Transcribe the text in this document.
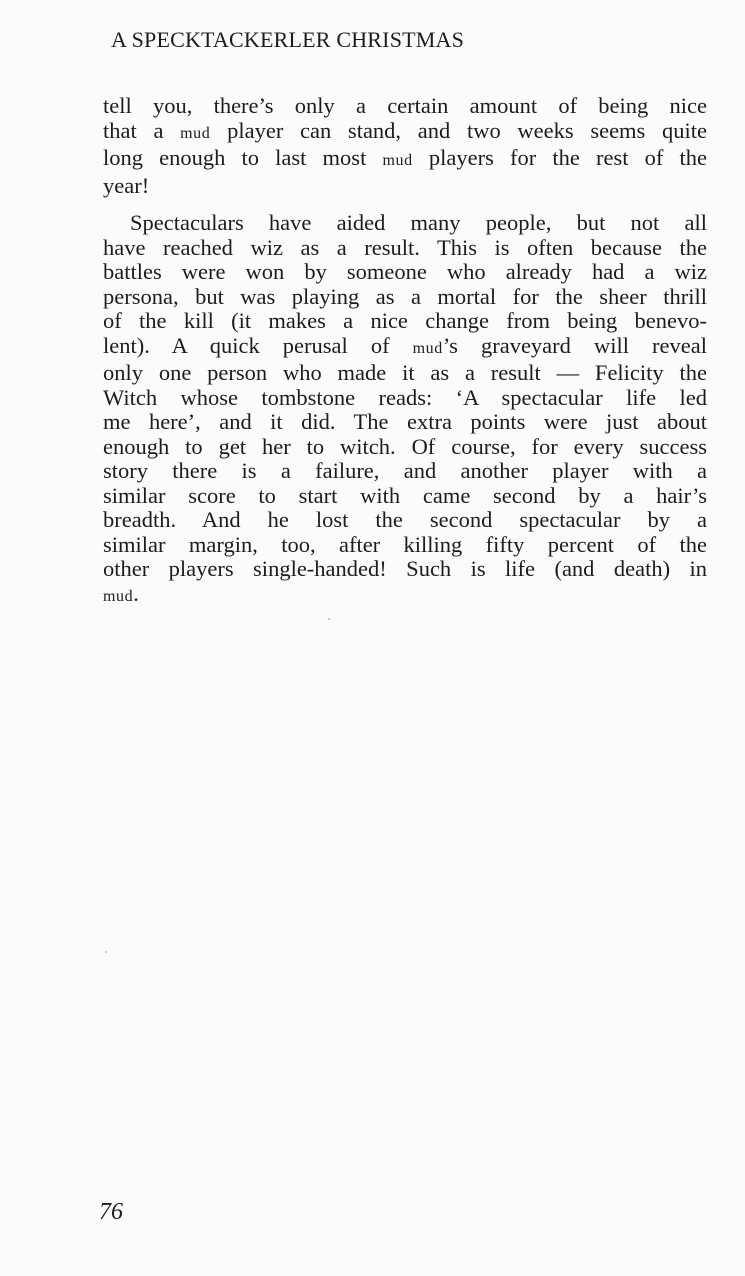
A SPECKTACKERLER CHRISTMAS

tell you, there’s only a certain amount of being nice
that a mud player can stand, and two weeks seems quite
long enough to last most mud players for the rest of the
year!

Spectaculars have aided many people, but not all
have reached wiz as a result. This is often because the
battles were won by someone who already had a wiz
persona, but was playing as a mortal for the sheer thrill
of the kill (it makes a nice change from being benevo-
lent). A quick perusal of mud’s graveyard will reveal
only one person who made it as a result — Felicity the
Witch whose tombstone reads: ‘A spectacular life led
me here’, and it did. The extra points were just about
enough to get her to witch. Of course, for every success
story there is a failure, and another player with a
similar score to start with came second by a hair’s
breadth. And he lost the second spectacular by a
similar margin, too, after killing fifty percent of the
other players single-handed! Such is life (and death) in
mud.

76
